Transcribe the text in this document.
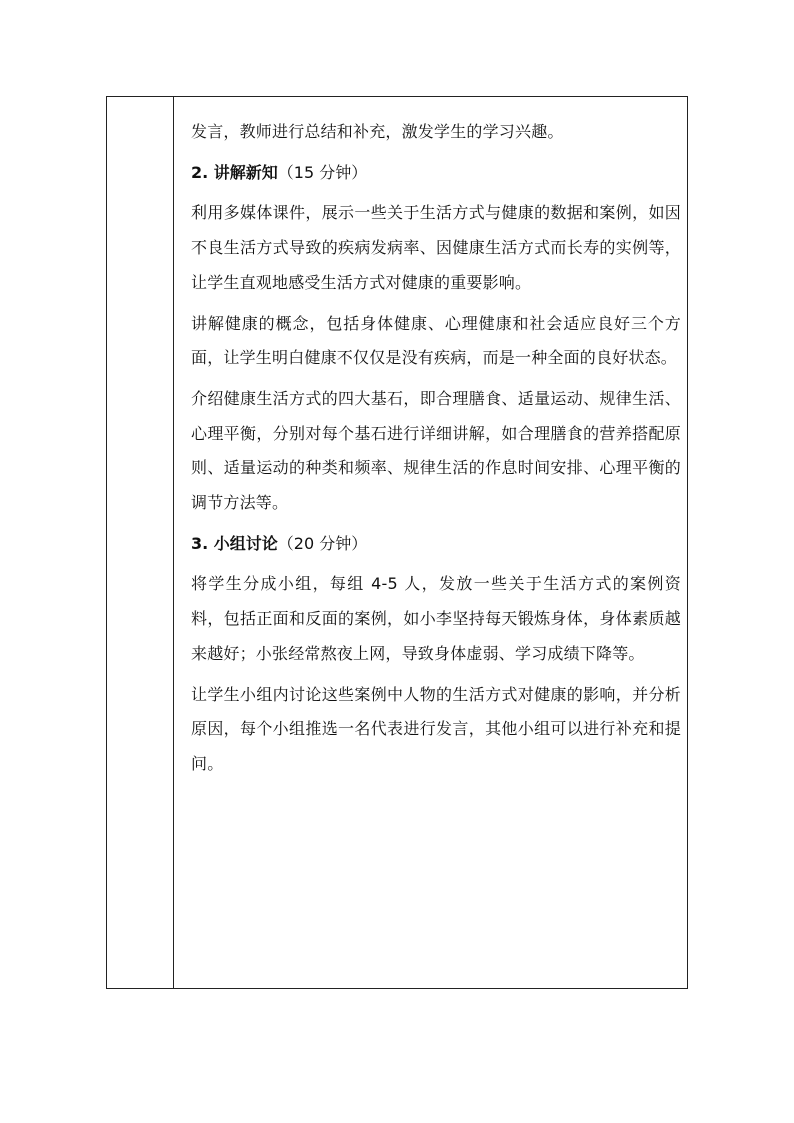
发言，教师进行总结和补充，激发学生的学习兴趣。

2. 讲解新知（15 分钟）

利用多媒体课件，展示一些关于生活方式与健康的数据和案例，如因不良生活方式导致的疾病发病率、因健康生活方式而长寿的实例等，让学生直观地感受生活方式对健康的重要影响。

讲解健康的概念，包括身体健康、心理健康和社会适应良好三个方面，让学生明白健康不仅仅是没有疾病，而是一种全面的良好状态。

介绍健康生活方式的四大基石，即合理膳食、适量运动、规律生活、心理平衡，分别对每个基石进行详细讲解，如合理膳食的营养搭配原则、适量运动的种类和频率、规律生活的作息时间安排、心理平衡的调节方法等。

3. 小组讨论（20 分钟）

将学生分成小组，每组 4-5 人，发放一些关于生活方式的案例资料，包括正面和反面的案例，如小李坚持每天锻炼身体，身体素质越来越好；小张经常熬夜上网，导致身体虚弱、学习成绩下降等。

让学生小组内讨论这些案例中人物的生活方式对健康的影响，并分析原因，每个小组推选一名代表进行发言，其他小组可以进行补充和提问。
